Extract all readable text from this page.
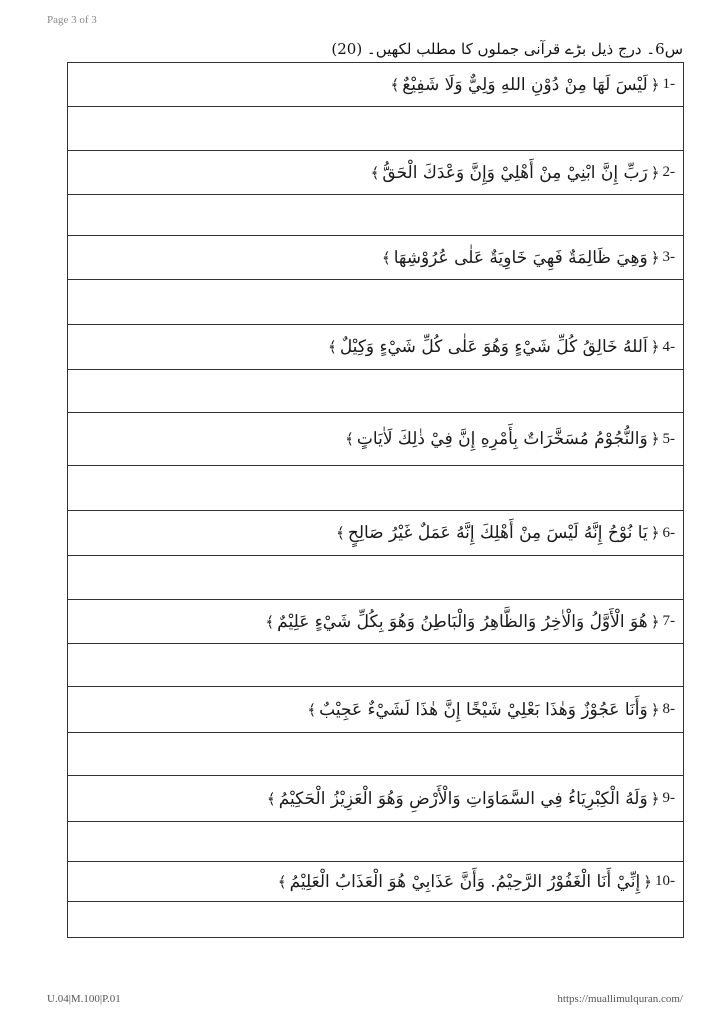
Page 3 of 3
س6۔ درج ذیل بڑے قرآنی جملوں کا مطلب لکھیں۔ (20)
1-
﴿
لَيْسَ لَهَا مِنْ دُوْنِ اللهِ وَلِيٌّ وَلَا شَفِيْعٌ
﴾
2-
﴿
رَبِّ إِنَّ ابْنِيْ مِنْ أَهْلِيْ وَإِنَّ وَعْدَكَ الْحَقُّ
﴾
3-
﴿
وَهِيَ ظَالِمَةٌ فَهِيَ خَاوِيَةٌ عَلٰى عُرُوْشِهَا
﴾
4-
﴿
اَللهُ خَالِقُ كُلِّ شَيْءٍ وَهُوَ عَلٰى كُلِّ شَيْءٍ وَكِيْلٌ
﴾
5-
﴿
وَالنُّجُوْمُ مُسَخَّرَاتٌ بِأَمْرِهِ إِنَّ فِيْ ذٰلِكَ لَاٰيَاتٍ
﴾
6-
﴿
يَا نُوْحُ إِنَّهُ لَيْسَ مِنْ أَهْلِكَ إِنَّهُ عَمَلٌ غَيْرُ صَالِحٍ
﴾
7-
﴿
هُوَ الْأَوَّلُ وَالْاٰخِرُ وَالظَّاهِرُ وَالْبَاطِنُ وَهُوَ بِكُلِّ شَيْءٍ عَلِيْمٌ
﴾
8-
﴿
وَأَنَا عَجُوْزٌ وَهٰذَا بَعْلِيْ شَيْخًا إِنَّ هٰذَا لَشَيْءٌ عَجِيْبٌ
﴾
9-
﴿
وَلَهُ الْكِبْرِيَاءُ فِي السَّمَاوَاتِ وَالْأَرْضِ وَهُوَ الْعَزِيْزُ الْحَكِيْمُ
﴾
10-
﴿
إِنِّيْ أَنَا الْغَفُوْرُ الرَّحِيْمُ. وَأَنَّ عَذَابِيْ هُوَ الْعَذَابُ الْعَلِيْمُ
﴾
U.04|M.100|P.01	https://muallimulquran.com/
